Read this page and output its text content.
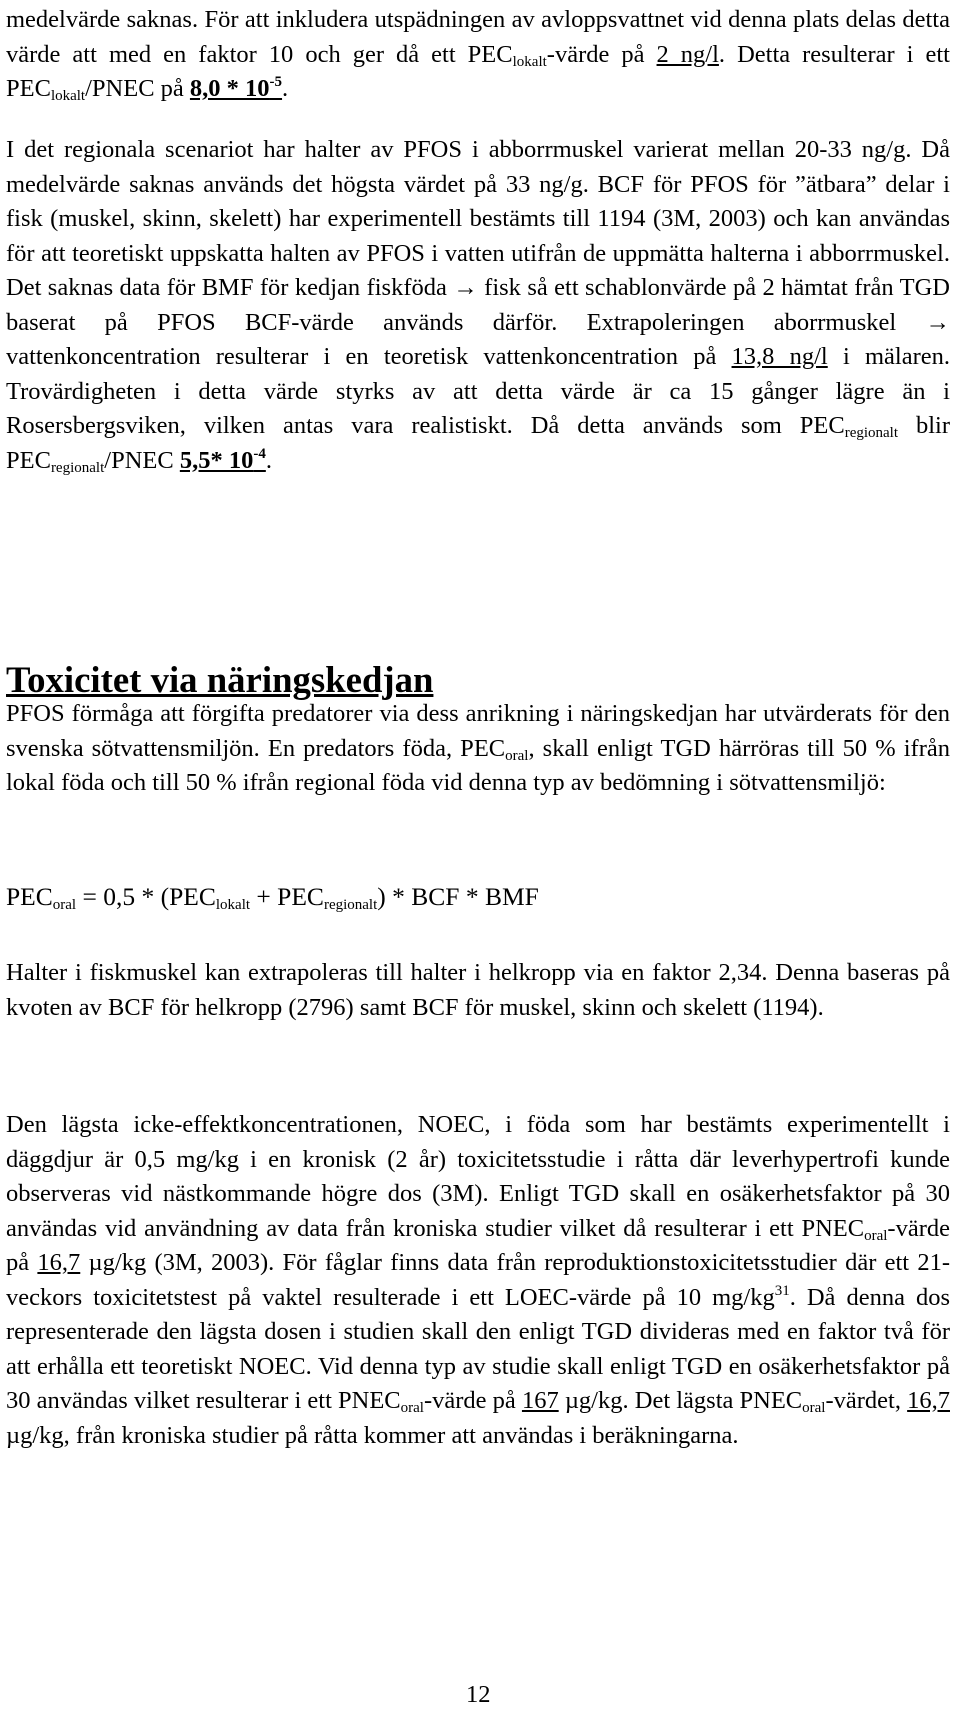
medelvärde saknas. För att inkludera utspädningen av avloppsvattnet vid denna plats delas detta värde att med en faktor 10 och ger då ett $PEC_{lokalt}$-värde på 2 ng/l. Detta resulterar i ett $PEC_{lokalt}$/PNEC på $8,0 * 10^{-5}$.

I det regionala scenariot har halter av PFOS i abborrmuskel varierat mellan 20-33 ng/g. Då medelvärde saknas används det högsta värdet på 33 ng/g. BCF för PFOS för ”ätbara” delar i fisk (muskel, skinn, skelett) har experimentell bestämts till 1194 (3M, 2003) och kan användas för att teoretiskt uppskatta halten av PFOS i vatten utifrån de uppmätta halterna i abborrmuskel. Det saknas data för BMF för kedjan fiskföda → fisk så ett schablonvärde på 2 hämtat från TGD baserat på PFOS BCF-värde används därför. Extrapoleringen aborrmuskel → vattenkoncentration resulterar i en teoretisk vattenkoncentration på 13,8 ng/l i mälaren. Trovärdigheten i detta värde styrks av att detta värde är ca 15 gånger lägre än i Rosersbergsviken, vilken antas vara realistiskt. Då detta används som $PEC_{regionalt}$ blir $PEC_{regionalt}$/PNEC 5,5* $10^{-4}$.

Toxicitet via näringskedjan

PFOS förmåga att förgifta predatorer via dess anrikning i näringskedjan har utvärderats för den svenska sötvattensmiljön. En predators föda, $PEC_{oral}$, skall enligt TGD härröras till 50 % ifrån lokal föda och till 50 % ifrån regional föda vid denna typ av bedömning i sötvattensmiljö:

$PEC_{oral} = 0,5 * (PEC_{lokalt} + PEC_{regionalt})$ * BCF * BMF

Halter i fiskmuskel kan extrapoleras till halter i helkropp via en faktor 2,34. Denna baseras på kvoten av BCF för helkropp (2796) samt BCF för muskel, skinn och skelett (1194).

Den lägsta icke-effektkoncentrationen, NOEC, i föda som har bestämts experimentellt i däggdjur är 0,5 mg/kg i en kronisk (2 år) toxicitetsstudie i råtta där leverhypertrofi kunde observeras vid nästkommande högre dos (3M). Enligt TGD skall en osäkerhetsfaktor på 30 användas vid användning av data från kroniska studier vilket då resulterar i ett $PNEC_{oral}$-värde på 16,7 µg/kg (3M, 2003). För fåglar finns data från reproduktionstoxicitetsstudier där ett 21-veckors toxicitetstest på vaktel resulterade i ett LOEC-värde på 10 $mg/kg^{31}$. Då denna dos representerade den lägsta dosen i studien skall den enligt TGD divideras med en faktor två för att erhålla ett teoretiskt NOEC. Vid denna typ av studie skall enligt TGD en osäkerhetsfaktor på 30 användas vilket resulterar i ett $PNEC_{oral}$-värde på 167 µg/kg. Det lägsta $PNEC_{oral}$-värdet, 16,7 µg/kg, från kroniska studier på råtta kommer att användas i beräkningarna.

12
